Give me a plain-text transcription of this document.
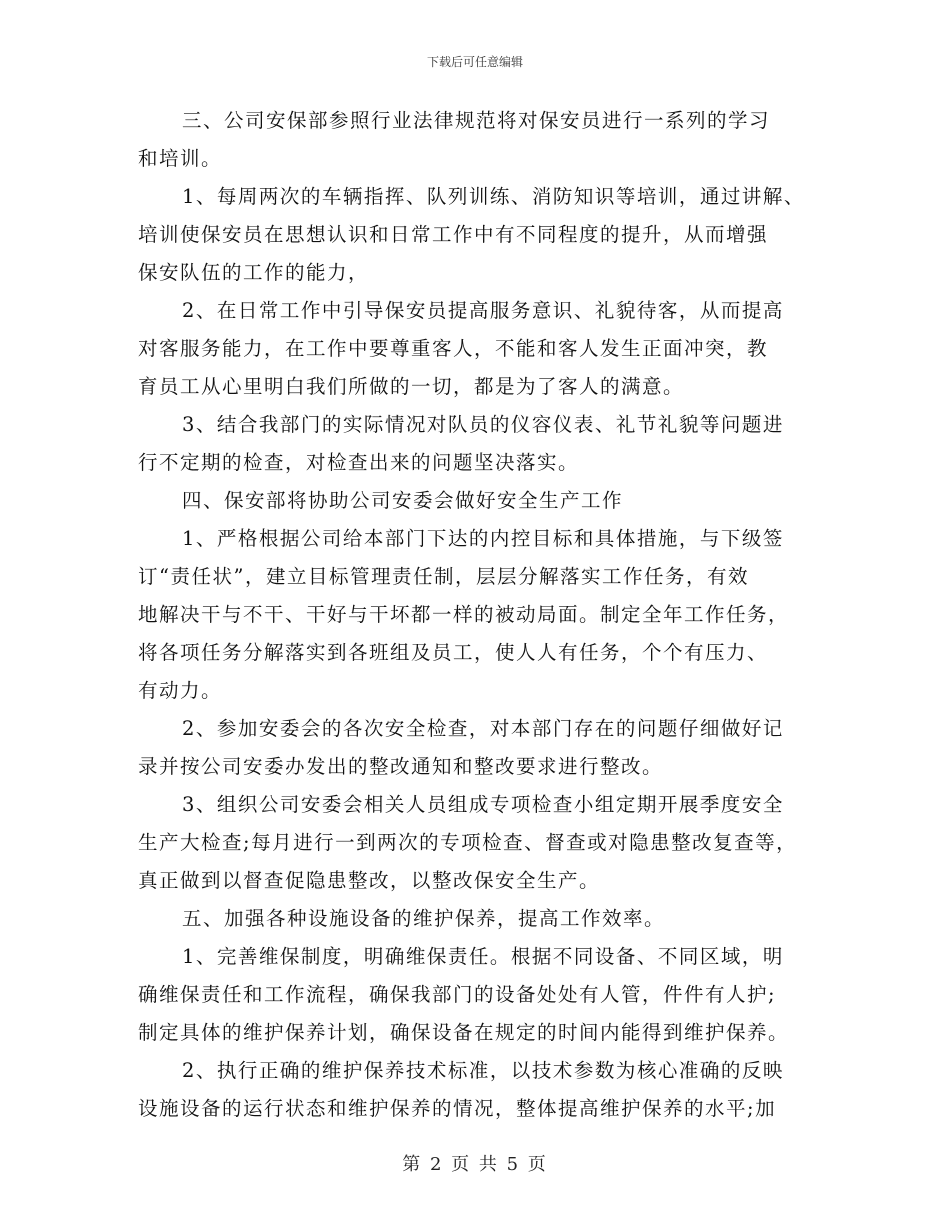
下载后可任意编辑
三、公司安保部参照行业法律规范将对保安员进行一系列的学习
和培训。
1、每周两次的车辆指挥、队列训练、消防知识等培训，通过讲解、
培训使保安员在思想认识和日常工作中有不同程度的提升，从而增强
保安队伍的工作的能力，
2、在日常工作中引导保安员提高服务意识、礼貌待客，从而提高
对客服务能力，在工作中要尊重客人，不能和客人发生正面冲突，教
育员工从心里明白我们所做的一切，都是为了客人的满意。
3、结合我部门的实际情况对队员的仪容仪表、礼节礼貌等问题进
行不定期的检查，对检查出来的问题坚决落实。
四、保安部将协助公司安委会做好安全生产工作
1、严格根据公司给本部门下达的内控目标和具体措施，与下级签
订“责任状”，建立目标管理责任制，层层分解落实工作任务，有效
地解决干与不干、干好与干坏都一样的被动局面。制定全年工作任务，
将各项任务分解落实到各班组及员工，使人人有任务，个个有压力、
有动力。
2、参加安委会的各次安全检查，对本部门存在的问题仔细做好记
录并按公司安委办发出的整改通知和整改要求进行整改。
3、组织公司安委会相关人员组成专项检查小组定期开展季度安全
生产大检查;每月进行一到两次的专项检查、督查或对隐患整改复查等，
真正做到以督查促隐患整改，以整改保安全生产。
五、加强各种设施设备的维护保养，提高工作效率。
1、完善维保制度，明确维保责任。根据不同设备、不同区域，明
确维保责任和工作流程，确保我部门的设备处处有人管，件件有人护;
制定具体的维护保养计划，确保设备在规定的时间内能得到维护保养。
2、执行正确的维护保养技术标准，以技术参数为核心准确的反映
设施设备的运行状态和维护保养的情况，整体提高维护保养的水平;加
第 2 页 共 5 页
